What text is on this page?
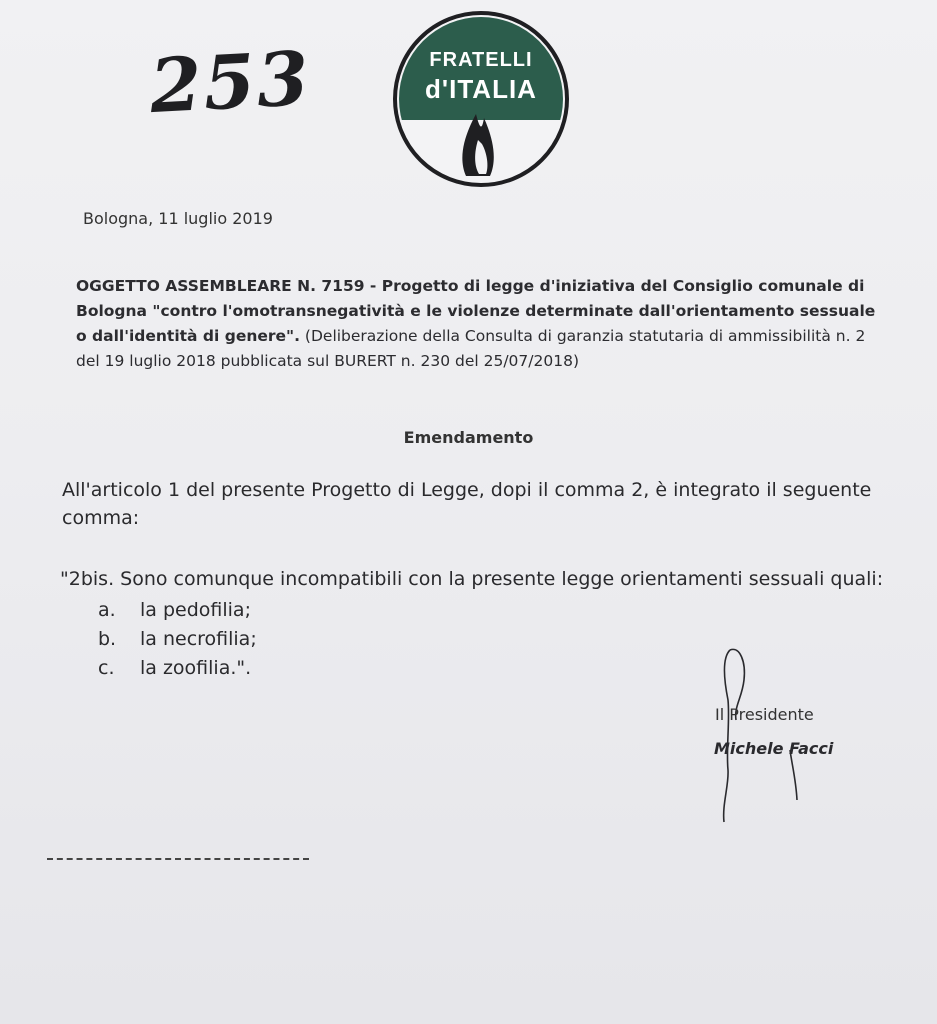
253	FRATELLI
d'ITALIA
Bologna, 11 luglio 2019
OGGETTO ASSEMBLEARE N. 7159 - Progetto di legge d'iniziativa del Consiglio comunale di Bologna "contro l'omotransnegatività e le violenze determinate dall'orientamento sessuale o dall'identità di genere". (Deliberazione della Consulta di garanzia statutaria di ammissibilità n. 2 del 19 luglio 2018 pubblicata sul BURERT n. 230 del 25/07/2018)
Emendamento
All'articolo 1 del presente Progetto di Legge, dopi il comma 2, è integrato il seguente comma:
"2bis. Sono comunque incompatibili con la presente legge orientamenti sessuali quali:
a. la pedofilia;
b. la necrofilia;
c. la zoofilia.".
Il Presidente
Michele Facci
